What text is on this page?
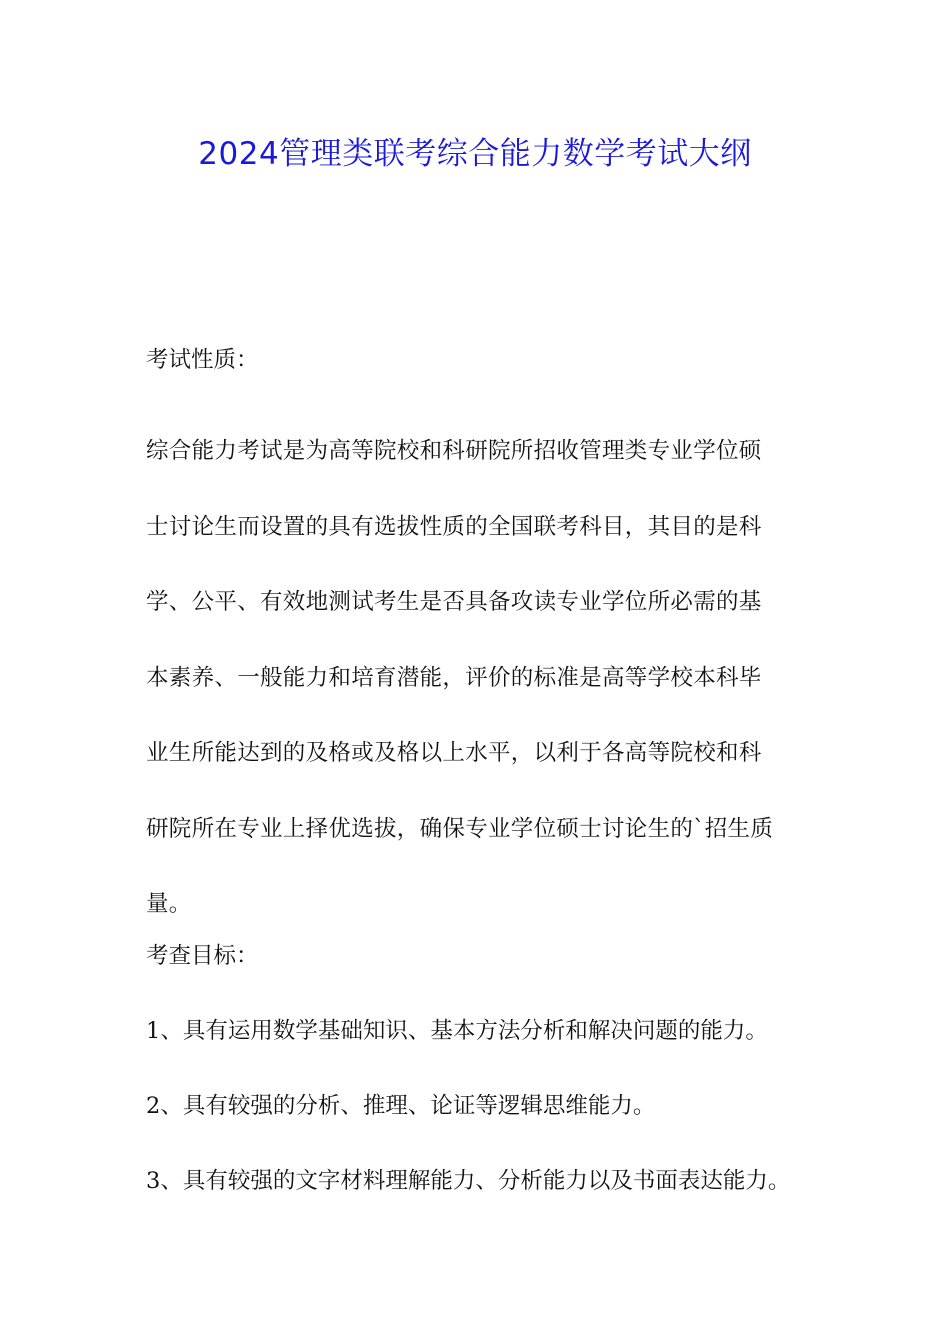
2024管理类联考综合能力数学考试大纲

考试性质：

综合能力考试是为高等院校和科研院所招收管理类专业学位硕
士讨论生而设置的具有选拔性质的全国联考科目，其目的是科
学、公平、有效地测试考生是否具备攻读专业学位所必需的基
本素养、一般能力和培育潜能，评价的标准是高等学校本科毕
业生所能达到的及格或及格以上水平，以利于各高等院校和科
研院所在专业上择优选拔，确保专业学位硕士讨论生的`招生质
量。

考查目标：

1、具有运用数学基础知识、基本方法分析和解决问题的能力。

2、具有较强的分析、推理、论证等逻辑思维能力。

3、具有较强的文字材料理解能力、分析能力以及书面表达能力。
